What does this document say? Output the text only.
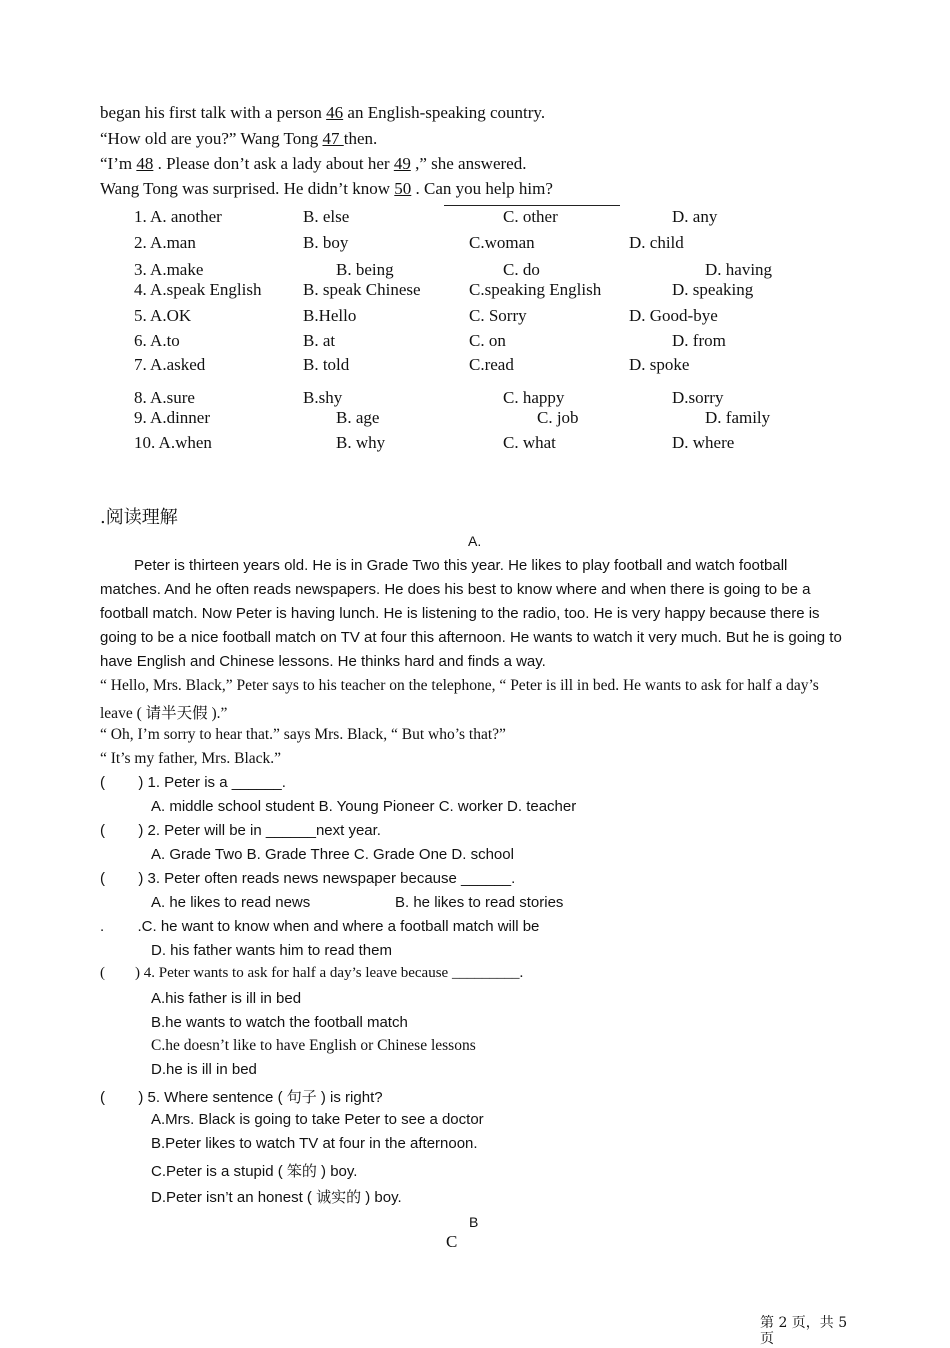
began his first talk with a person 46 an English-speaking country.
“How old are you?” Wang Tong 47 then.
“I’m 48 . Please don’t ask a lady about her 49 ,” she answered.
Wang Tong was surprised. He didn’t know 50 . Can you help him?
1. A. another	B. else	C. other	D. any
2. A.man	B. boy	C.woman	D. child
3. A.make	B. being	C. do	D. having
4. A.speak English B. speak Chinese	C.speaking English	D. speaking
5. A.OK	B.Hello	C. Sorry	D. Good-bye
6. A.to	B. at	C. on	D. from
7. A.asked	B. told	C.read	D. spoke
8. A.sure	B.shy	C. happy	D.sorry
9. A.dinner	B. age	C. job	D. family
10. A.when	B. why	C. what	D. where
.阅读理解
A.
Peter is thirteen years old. He is in Grade Two this year. He likes to play football and watch football
matches. And he often reads newspapers. He does his best to know where and when there is going to be a
football match. Now Peter is having lunch. He is listening to the radio, too. He is very happy because there is
going to be a nice football match on TV at four this afternoon. He wants to watch it very much. But he is going to
have English and Chinese lessons. He thinks hard and finds a way.
“ Hello, Mrs. Black,” Peter says to his teacher on the telephone, “ Peter is ill in bed. He wants to ask for half a day’s
leave ( 请半天假 ).”
“ Oh, I’m sorry to hear that.” says Mrs. Black, “ But who’s that?”
“ It’s my father, Mrs. Black.”
(        ) 1. Peter is a ______.
A. middle school student B. Young Pioneer C. worker D. teacher
(        ) 2. Peter will be in ______next year.
A. Grade Two B. Grade Three C. Grade One D. school
(        ) 3. Peter often reads news newspaper because ______.
A. he likes to read news	B. he likes to read stories
.        .C. he want to know when and where a football match will be
D. his father wants him to read them
(        ) 4. Peter wants to ask for half a day’s leave because _________.
A.his father is ill in bed
B.he wants to watch the football match
C.he doesn’t like to have English or Chinese lessons
D.he is ill in bed
(        ) 5. Where sentence ( 句子 ) is right?
A.Mrs. Black is going to take Peter to see a doctor
B.Peter likes to watch TV at four in the afternoon.
C.Peter is a stupid ( 笨的 ) boy.
D.Peter isn’t an honest ( 诚实的 ) boy.
B
C
第 2 页，共 5
页
